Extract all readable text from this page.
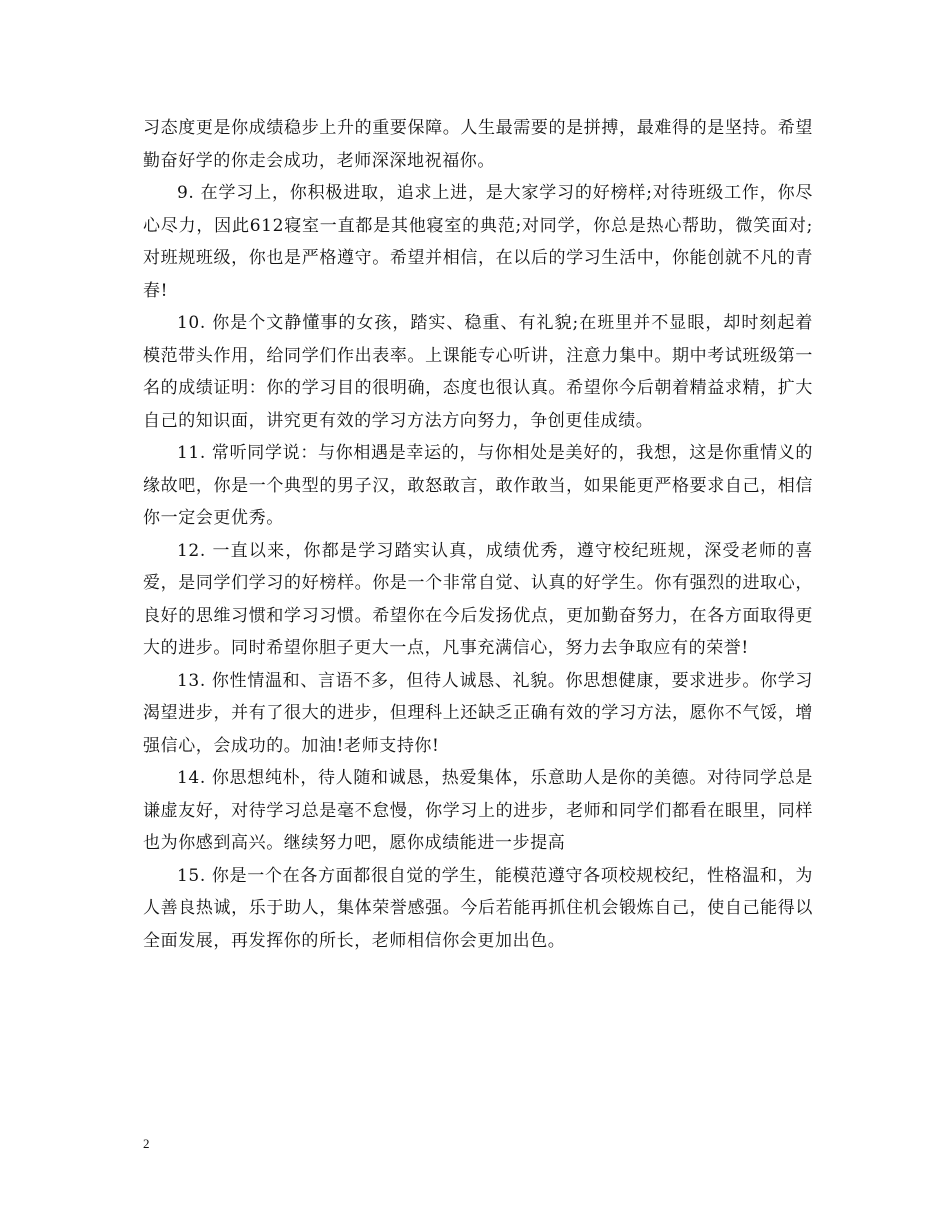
习态度更是你成绩稳步上升的重要保障。人生最需要的是拼搏，最难得的是坚持。希望勤奋好学的你走会成功，老师深深地祝福你。

9. 在学习上，你积极进取，追求上进，是大家学习的好榜样;对待班级工作，你尽心尽力，因此612寝室一直都是其他寝室的典范;对同学，你总是热心帮助，微笑面对;对班规班级，你也是严格遵守。希望并相信，在以后的学习生活中，你能创就不凡的青春!

10. 你是个文静懂事的女孩，踏实、稳重、有礼貌;在班里并不显眼，却时刻起着模范带头作用，给同学们作出表率。上课能专心听讲，注意力集中。期中考试班级第一名的成绩证明：你的学习目的很明确，态度也很认真。希望你今后朝着精益求精，扩大自己的知识面，讲究更有效的学习方法方向努力，争创更佳成绩。

11. 常听同学说：与你相遇是幸运的，与你相处是美好的，我想，这是你重情义的缘故吧，你是一个典型的男子汉，敢怒敢言，敢作敢当，如果能更严格要求自己，相信你一定会更优秀。

12. 一直以来，你都是学习踏实认真，成绩优秀，遵守校纪班规，深受老师的喜爱，是同学们学习的好榜样。你是一个非常自觉、认真的好学生。你有强烈的进取心，良好的思维习惯和学习习惯。希望你在今后发扬优点，更加勤奋努力，在各方面取得更大的进步。同时希望你胆子更大一点，凡事充满信心，努力去争取应有的荣誉!

13. 你性情温和、言语不多，但待人诚恳、礼貌。你思想健康，要求进步。你学习渴望进步，并有了很大的进步，但理科上还缺乏正确有效的学习方法，愿你不气馁，增强信心，会成功的。加油!老师支持你!

14. 你思想纯朴，待人随和诚恳，热爱集体，乐意助人是你的美德。对待同学总是谦虚友好，对待学习总是毫不怠慢，你学习上的进步，老师和同学们都看在眼里，同样也为你感到高兴。继续努力吧，愿你成绩能进一步提高

15. 你是一个在各方面都很自觉的学生，能模范遵守各项校规校纪，性格温和，为人善良热诚，乐于助人，集体荣誉感强。今后若能再抓住机会锻炼自己，使自己能得以全面发展，再发挥你的所长，老师相信你会更加出色。

2
